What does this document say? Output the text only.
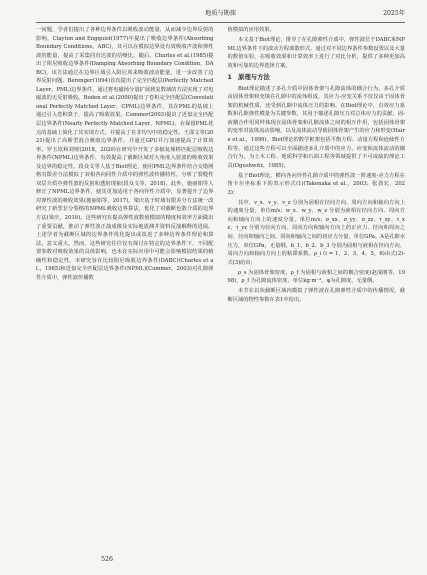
地质与勘探	2025年

一问题，学者们提出了各种边界条件以吸收波动能量，从而减少边界反射的影响。Clayton and Engquist(1977)年提出了吸收边界条件(Absorbing Boundary Conditions，ABC)，其可以在模拟边界处有效吸收声波和弹性波的能量，提高了采集同直达波的信噪比。随后，Charles et al.(1985)提出了阻尼吸收边界条件(Damping Absorbing Boundary Condition，DABC)，该方法通过在边界区域引入阻尼项来吸收波动能量，进一步改善了边界反射问题。Berenger(1994)首次提出了完全匹配层(Perfectly Matched Layer，PML)边界条件，通过将电磁场分量扩展到复数域的方法实现了对电磁波的无反射吸收。Roden et al.(2000)提出了卷积完全匹配层(Convolutional Perfectly Matched Layer，CPML)边界条件，其在PML的基础上通过引入卷积算子，提高了吸收效果。Cummer(2003)提出了近似完全匹配层边界条件(Nearly Perfectly Matched Layer，NPML)，在保留PML优点的基础上简化了其实现方式，并提高了在非均匀中的稳定性。王邵文等(2021)提出了高斯型混合吸收边界条件，并通过GPU并行加速提高了计算效率。罗玉钦和刘财(2018，2020)在研究中开发了多轴复频移匹配层吸收边界条件(NPML)边界条件，有效提高了截断区域对大角度入射波的吸收效果及边界的稳定性。段众文等人基于Biot理论，使用PML边界条件结合交错网格有限差分法模拟了双相各向同性介质中的弹性波传播特性，分析了裂缝性双层介质中弹性波的反射和透射现象(段众文等，2018)。此外，施丽娟等人修正了NPML边界条件，使其更加适用于各向异性介质中，显著提升了边界对弹性波的吸收效果(施丽娟等，2017)。梁庆基于时域有限差分方法统一改研究了新型非分裂格的NPML吸收边界算法，优化了对截断色散介质的边界方法(梁庆，2010)。这些研究在提高弹性波数值模拟的精度和效率方面做出了重要贡献，推动了弹性波正演成像及实际地震测井资料反演解释的进展。上述学者为截断区域的边界条件优化提出或改进了多种边界条件理论和算法，意义重大。然而，这些研究往往仅有探讨在特定的边界条件下，不同配置参数对吸收效果的具体影响，也未在实际应用中可能会影响模拟结果的精确性和稳定性。本研究旨在比较阻尼吸收边界条件(DABC)(Charles et al.，1985)和近似完全匹配层边界条件(NPML)(Cummer，2003)对孔隙弹性介质中，弹性波传播数

值模拟的应用效果。

本文基于Biot理论，推导了在孔隙弹性介质中，弹性波位于DABC和NPML边界条件下的波动方程离散形式，通过对不同边界条件参数设置以及大量的数值实验，在吸收效果和计算效率上进行了对比分析，提供了多种更加高效和可靠的边界选择方案。

1　原理与方法

Biot理论描述了多孔介质中固体骨架与孔隙流体的耦合行为。多孔介质由固体骨架和充填在孔隙中的流体组成，其应力-应变关系不仅仅由于固体骨架的机械性质，还受到孔隙中流体压力的影响。在Biot理论中，有效应力系数和孔隙弹性模量为关键参数，其用于描述孔隙压力对总体应力的贡献。固-液耦合作用同样体现在固体骨架和孔隙流体之间的相互作用，包括固体骨架的变形对流体流动影响，以及流体流动导致固体骨架产生的应力和形变(Haire et al.，1999)。Biot理论的数学框架包括平衡方程、动量方程和连续性方程等，通过这些方程可以全面描述多孔介质中的应力、应变和流体流动的耦合行为，为土木工程、地质科学和石油工程等领域提供了不可或缺的理论工具(Ogushwitz，1985)。

基于Biot理论，横向各向异性孔隙介质中的弹性波一阶速度-应力方程在笛卡尔坐标系下的表示形式(1)(Takenaka et al.，2003；张劲宏，2023)：

其中，v_x、v_y、v_z 分别为固相在径向方向、周向方向和轴向方向上的速度分量，单位m/s；w_x、w_y、w_z 分别为液相在径向方向、周向方向和轴向方向上的速度分量，单位m/s；σ_xx、σ_yy、σ_zz、τ_xy、τ_xz、τ_yz 分别为径向方向、周向方向和轴向方向上的正应力、径向和周向之间、径向和轴向之间、周向和轴向之间的切应力分量，单位GPa。A是孔隙水压力，单位GPa，无量纲。b_1、b_2、b_3 分别为固相与液相在径向方向、周向方向和轴向方向上的粘滞系数。ρ_i (i = 1，2，3，4，5，6)由式(2)-式(3)给出；

ρ_s 为固体骨架密度，ρ_f 为固相与液相之间的耦合密度(赵成刚等，1998)，ρ_f 为孔隙流体密度，单位kg·m⁻³。φ为孔隙度，无量纲。

本节在以状截断区域内模拟了弹性波在孔隙弹性介质中的传播情况。截断区域的物性参数在表1中给出。

526
